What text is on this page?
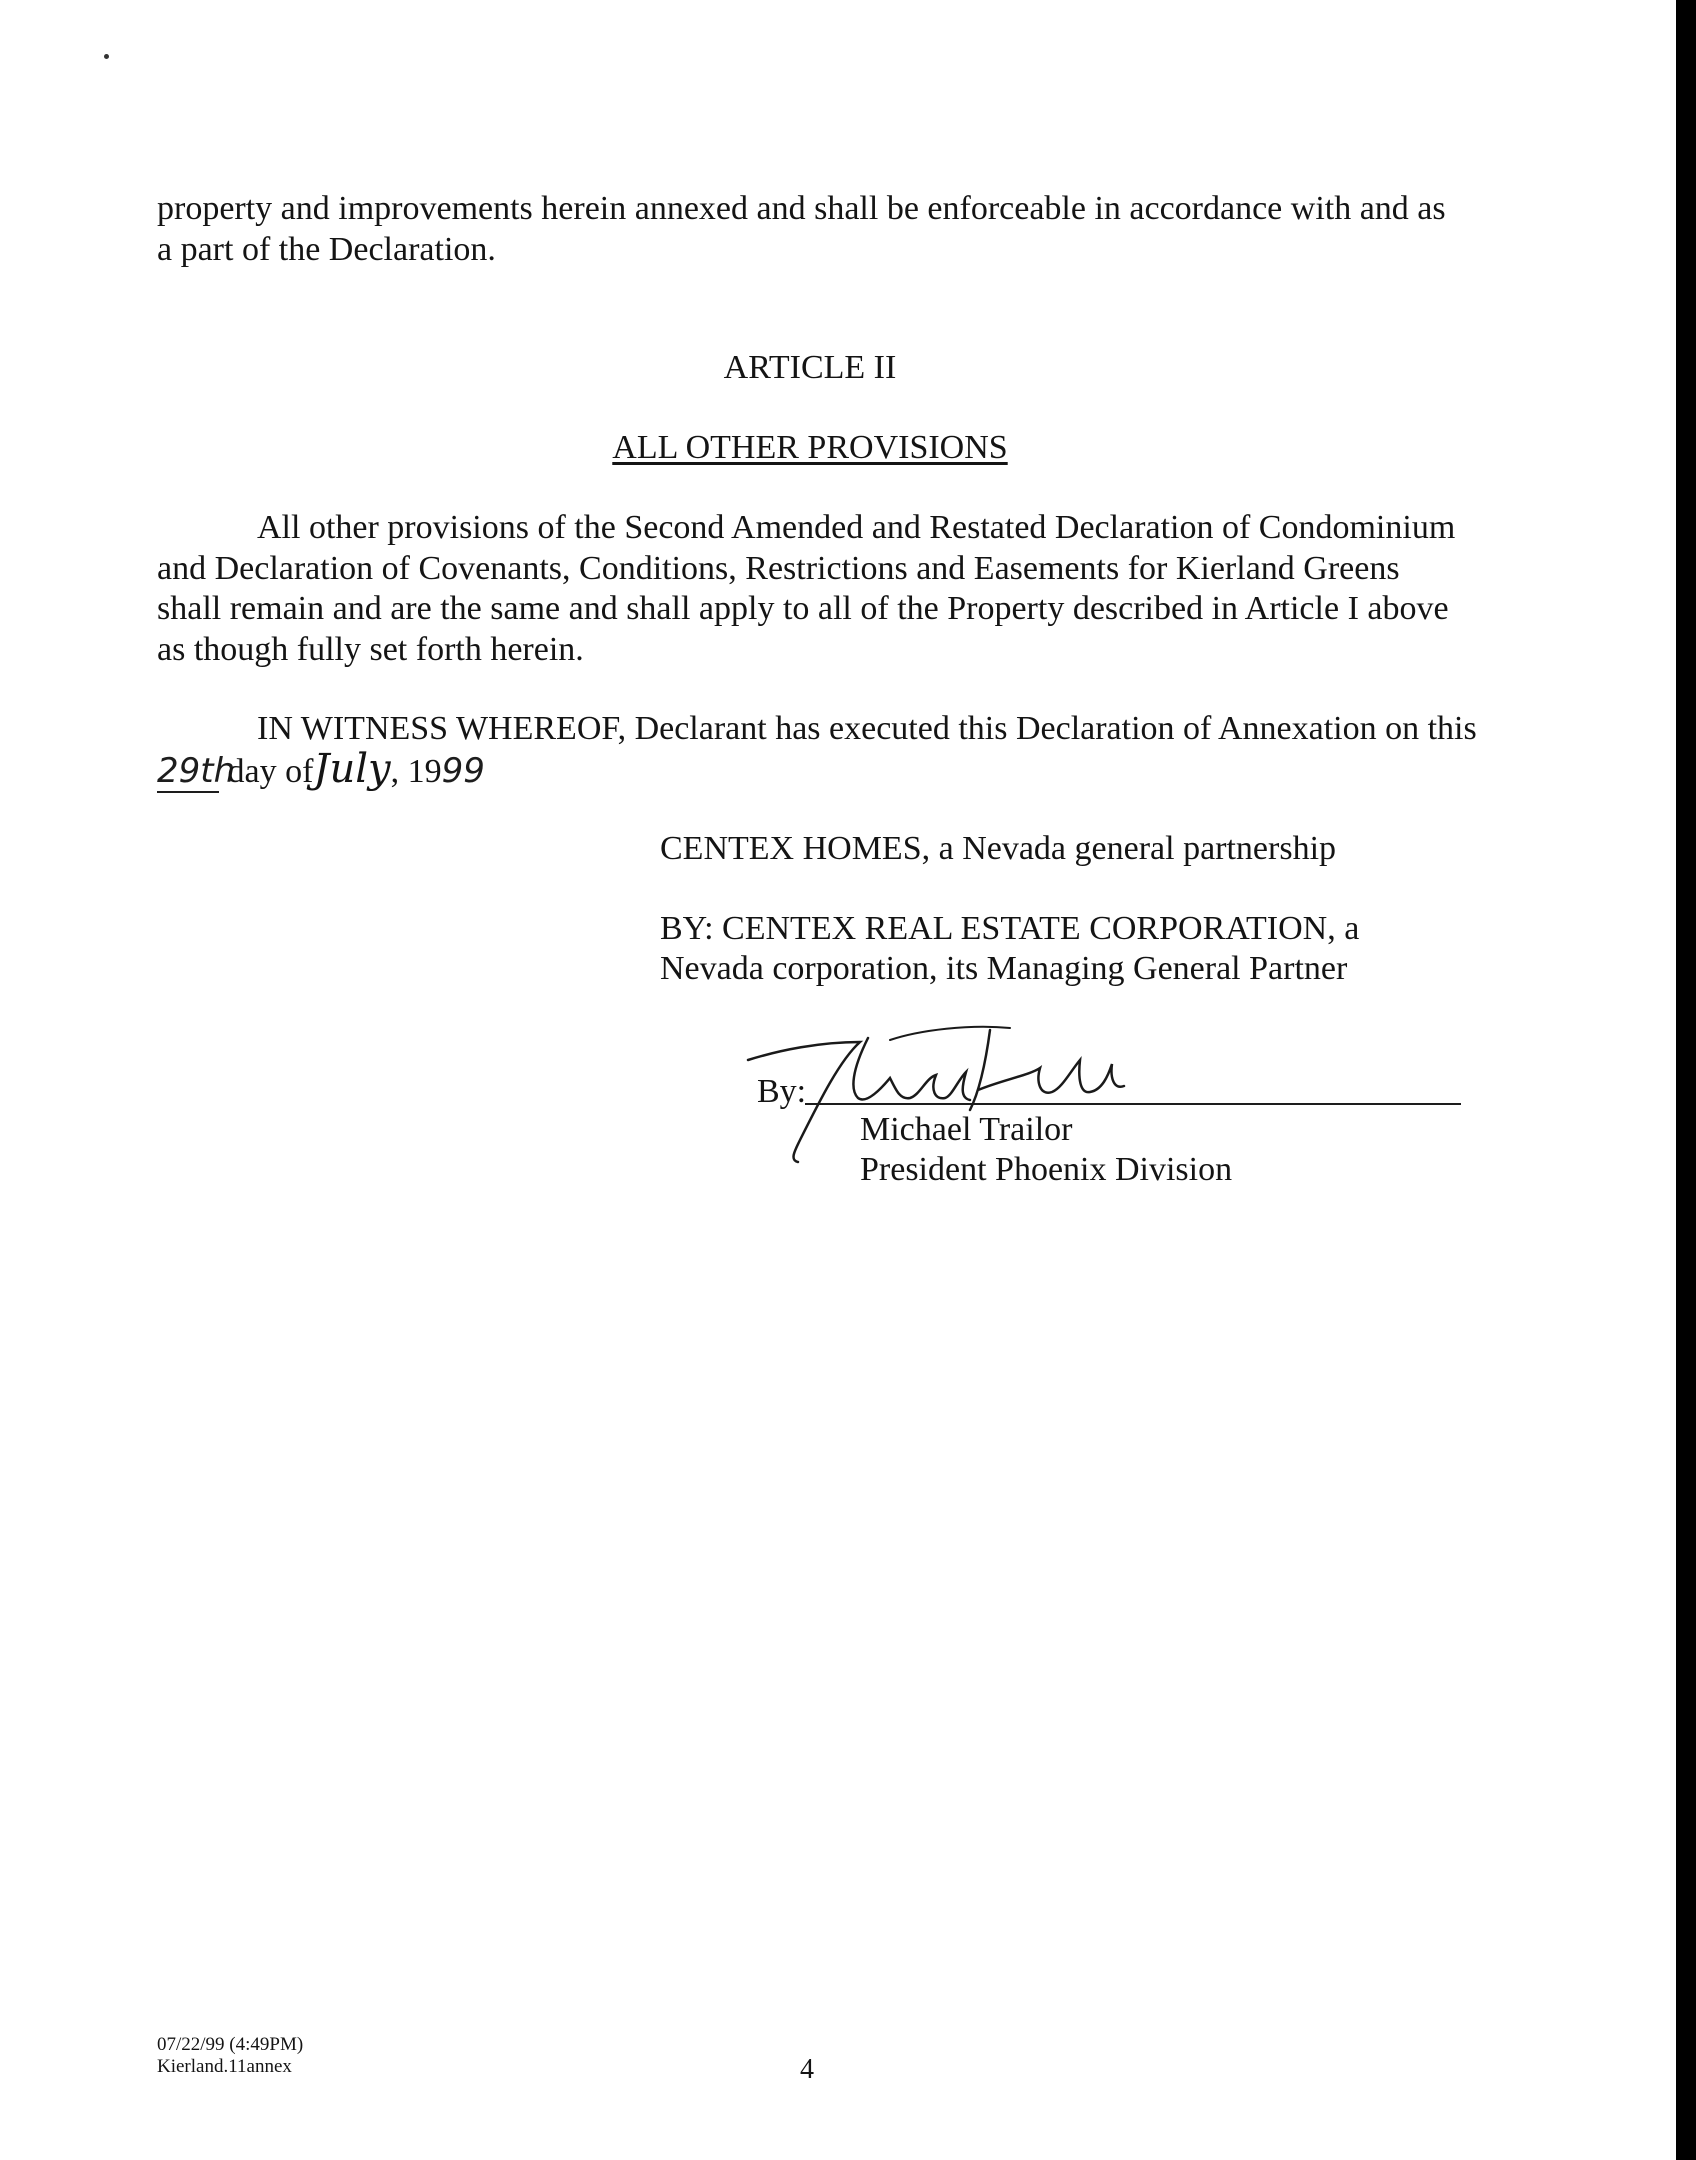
property and improvements herein annexed and shall be enforceable in accordance with and as a part of the Declaration.

ARTICLE II

ALL OTHER PROVISIONS

All other provisions of the Second Amended and Restated Declaration of Condominium and Declaration of Covenants, Conditions, Restrictions and Easements for Kierland Greens shall remain and are the same and shall apply to all of the Property described in Article I above as though fully set forth herein.

IN WITNESS WHEREOF, Declarant has executed this Declaration of Annexation on this
29th day ofJuly, 1999

CENTEX HOMES, a Nevada general partnership

BY: CENTEX REAL ESTATE CORPORATION, a

Nevada corporation, its Managing General Partner

By:
Michael Trailor
President Phoenix Division
07/22/99 (4:49PM)
Kierland.11annex	4
